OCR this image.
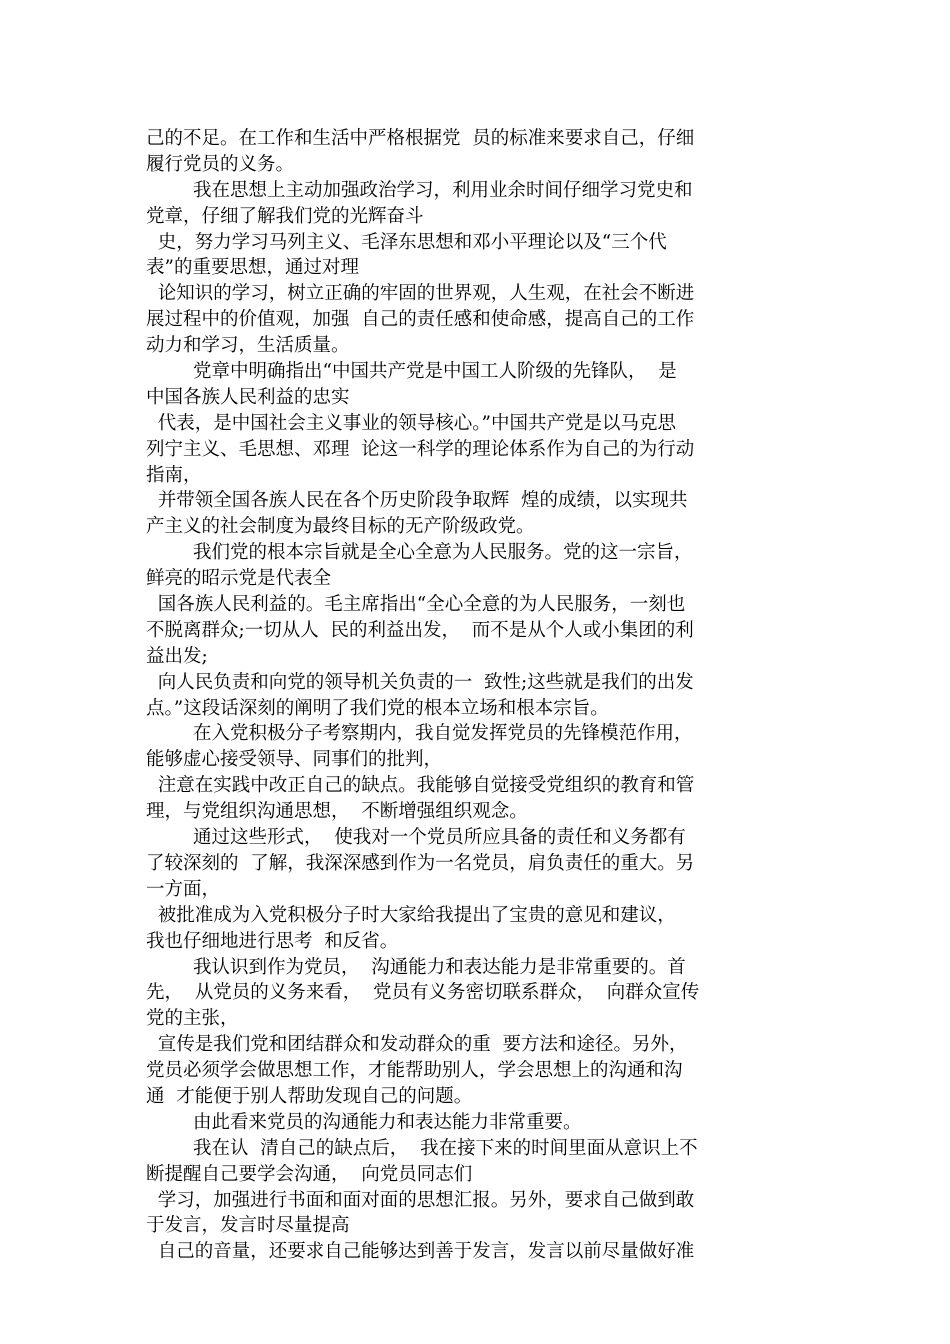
己的不足。在工作和生活中严格根据党  员的标准来要求自己，仔细
履行党员的义务。
我在思想上主动加强政治学习，利用业余时间仔细学习党史和
党章，仔细了解我们党的光辉奋斗
史，努力学习马列主义、毛泽东思想和邓小平理论以及“三个代
表”的重要思想，通过对理
论知识的学习，树立正确的牢固的世界观，人生观，在社会不断进
展过程中的价值观，加强  自己的责任感和使命感，提高自己的工作
动力和学习，生活质量。
党章中明确指出“中国共产党是中国工人阶级的先锋队，  是
中国各族人民利益的忠实
代表，是中国社会主义事业的领导核心。”中国共产党是以马克思
列宁主义、毛思想、邓理  论这一科学的理论体系作为自己的为行动
指南，
并带领全国各族人民在各个历史阶段争取辉  煌的成绩，以实现共
产主义的社会制度为最终目标的无产阶级政党。
我们党的根本宗旨就是全心全意为人民服务。党的这一宗旨，
鲜亮的昭示党是代表全
国各族人民利益的。毛主席指出“全心全意的为人民服务，一刻也
不脱离群众;一切从人  民的利益出发，  而不是从个人或小集团的利
益出发;
向人民负责和向党的领导机关负责的一  致性;这些就是我们的出发
点。”这段话深刻的阐明了我们党的根本立场和根本宗旨。
在入党积极分子考察期内，我自觉发挥党员的先锋模范作用，
能够虚心接受领导、同事们的批判，
注意在实践中改正自己的缺点。我能够自觉接受党组织的教育和管
理，与党组织沟通思想，  不断增强组织观念。
通过这些形式，  使我对一个党员所应具备的责任和义务都有
了较深刻的  了解，我深深感到作为一名党员，肩负责任的重大。另
一方面，
被批准成为入党积极分子时大家给我提出了宝贵的意见和建议，
我也仔细地进行思考  和反省。
我认识到作为党员，  沟通能力和表达能力是非常重要的。首
先，  从党员的义务来看，  党员有义务密切联系群众，  向群众宣传
党的主张，
宣传是我们党和团结群众和发动群众的重  要方法和途径。另外，
党员必须学会做思想工作，才能帮助别人，学会思想上的沟通和沟
通  才能便于别人帮助发现自己的问题。
由此看来党员的沟通能力和表达能力非常重要。
我在认  清自己的缺点后，  我在接下来的时间里面从意识上不
断提醒自己要学会沟通，  向党员同志们
学习，加强进行书面和面对面的思想汇报。另外，要求自己做到敢
于发言，发言时尽量提高
自己的音量，还要求自己能够达到善于发言，发言以前尽量做好准
